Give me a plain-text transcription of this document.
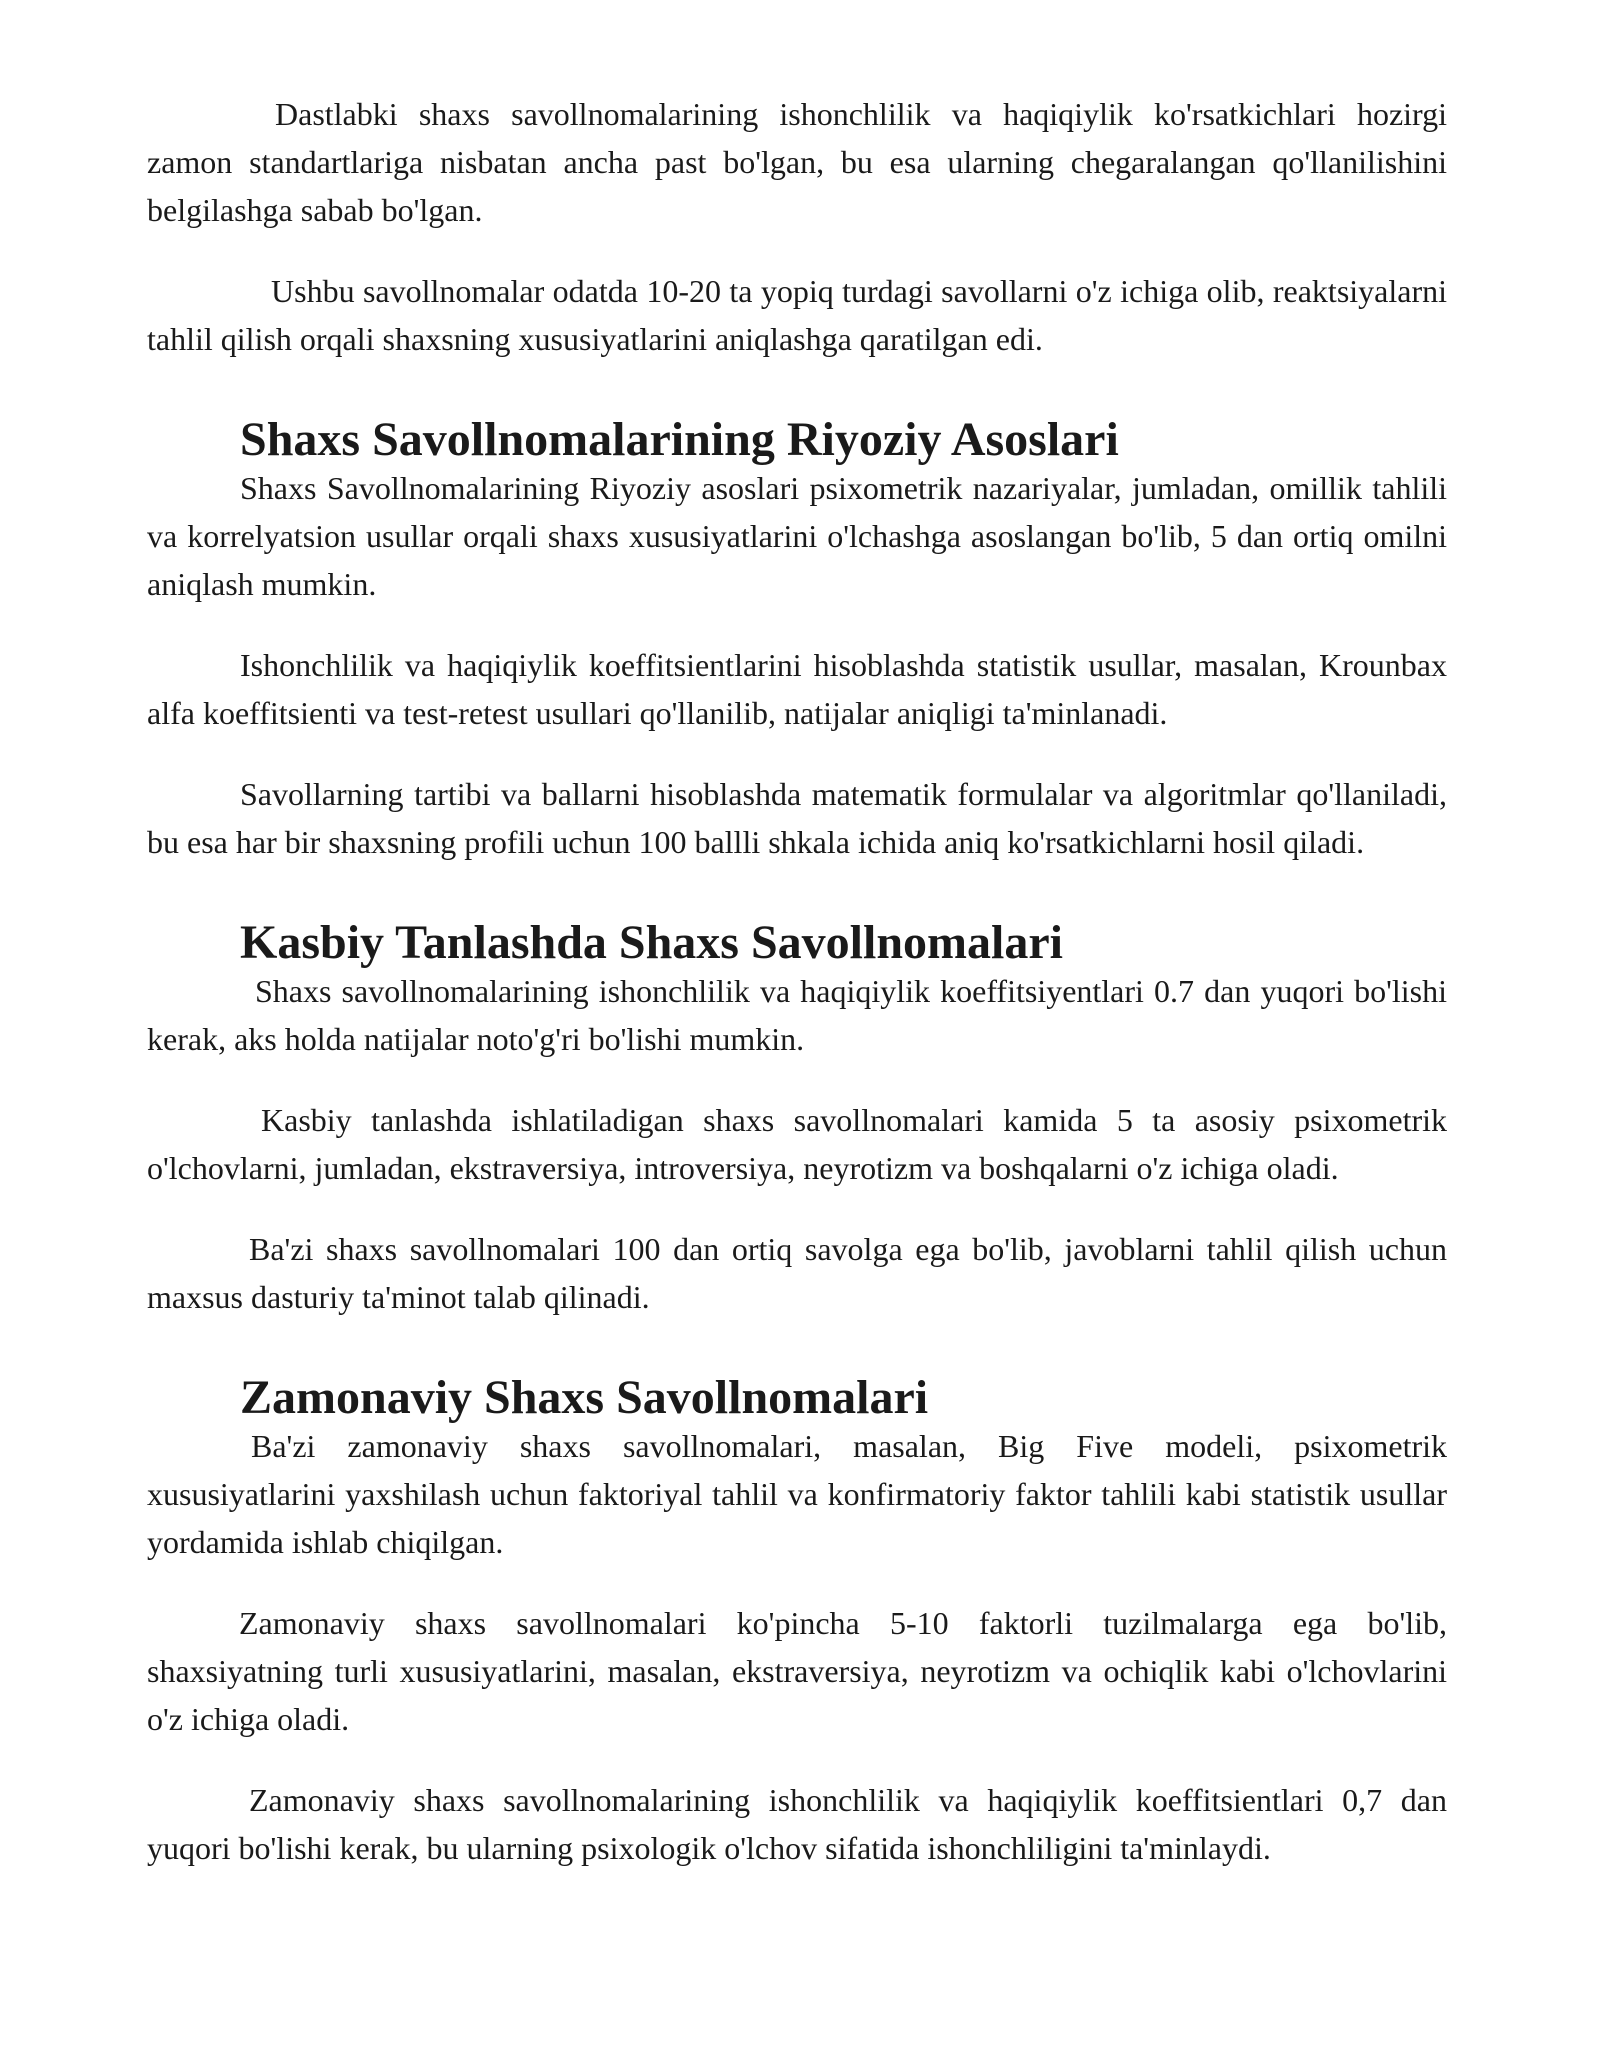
Dastlabki shaxs savollnomalarining ishonchlilik va haqiqiylik ko'rsatkichlari hozirgi zamon standartlariga nisbatan ancha past bo'lgan, bu esa ularning chegaralangan qo'llanilishini belgilashga sabab bo'lgan.

Ushbu savollnomalar odatda 10-20 ta yopiq turdagi savollarni o'z ichiga olib, reaktsiyalarni tahlil qilish orqali shaxsning xususiyatlarini aniqlashga qaratilgan edi.

Shaxs Savollnomalarining Riyoziy Asoslari

Shaxs Savollnomalarining Riyoziy asoslari psixometrik nazariyalar, jumladan, omillik tahlili va korrelyatsion usullar orqali shaxs xususiyatlarini o'lchashga asoslangan bo'lib, 5 dan ortiq omilni aniqlash mumkin.

Ishonchlilik va haqiqiylik koeffitsientlarini hisoblashda statistik usullar, masalan, Krounbax alfa koeffitsienti va test-retest usullari qo'llanilib, natijalar aniqligi ta'minlanadi.

Savollarning tartibi va ballarni hisoblashda matematik formulalar va algoritmlar qo'llaniladi, bu esa har bir shaxsning profili uchun 100 ballli shkala ichida aniq ko'rsatkichlarni hosil qiladi.

Kasbiy Tanlashda Shaxs Savollnomalari

Shaxs savollnomalarining ishonchlilik va haqiqiylik koeffitsiyentlari 0.7 dan yuqori bo'lishi kerak, aks holda natijalar noto'g'ri bo'lishi mumkin.

Kasbiy tanlashda ishlatiladigan shaxs savollnomalari kamida 5 ta asosiy psixometrik o'lchovlarni, jumladan, ekstraversiya, introversiya, neyrotizm va boshqalarni o'z ichiga oladi.

Ba'zi shaxs savollnomalari 100 dan ortiq savolga ega bo'lib, javoblarni tahlil qilish uchun maxsus dasturiy ta'minot talab qilinadi.

Zamonaviy Shaxs Savollnomalari

Ba'zi zamonaviy shaxs savollnomalari, masalan, Big Five modeli, psixometrik xususiyatlarini yaxshilash uchun faktoriyal tahlil va konfirmatoriy faktor tahlili kabi statistik usullar yordamida ishlab chiqilgan.

Zamonaviy shaxs savollnomalari ko'pincha 5-10 faktorli tuzilmalarga ega bo'lib, shaxsiyatning turli xususiyatlarini, masalan, ekstraversiya, neyrotizm va ochiqlik kabi o'lchovlarini o'z ichiga oladi.

Zamonaviy shaxs savollnomalarining ishonchlilik va haqiqiylik koeffitsientlari 0,7 dan yuqori bo'lishi kerak, bu ularning psixologik o'lchov sifatida ishonchliligini ta'minlaydi.
